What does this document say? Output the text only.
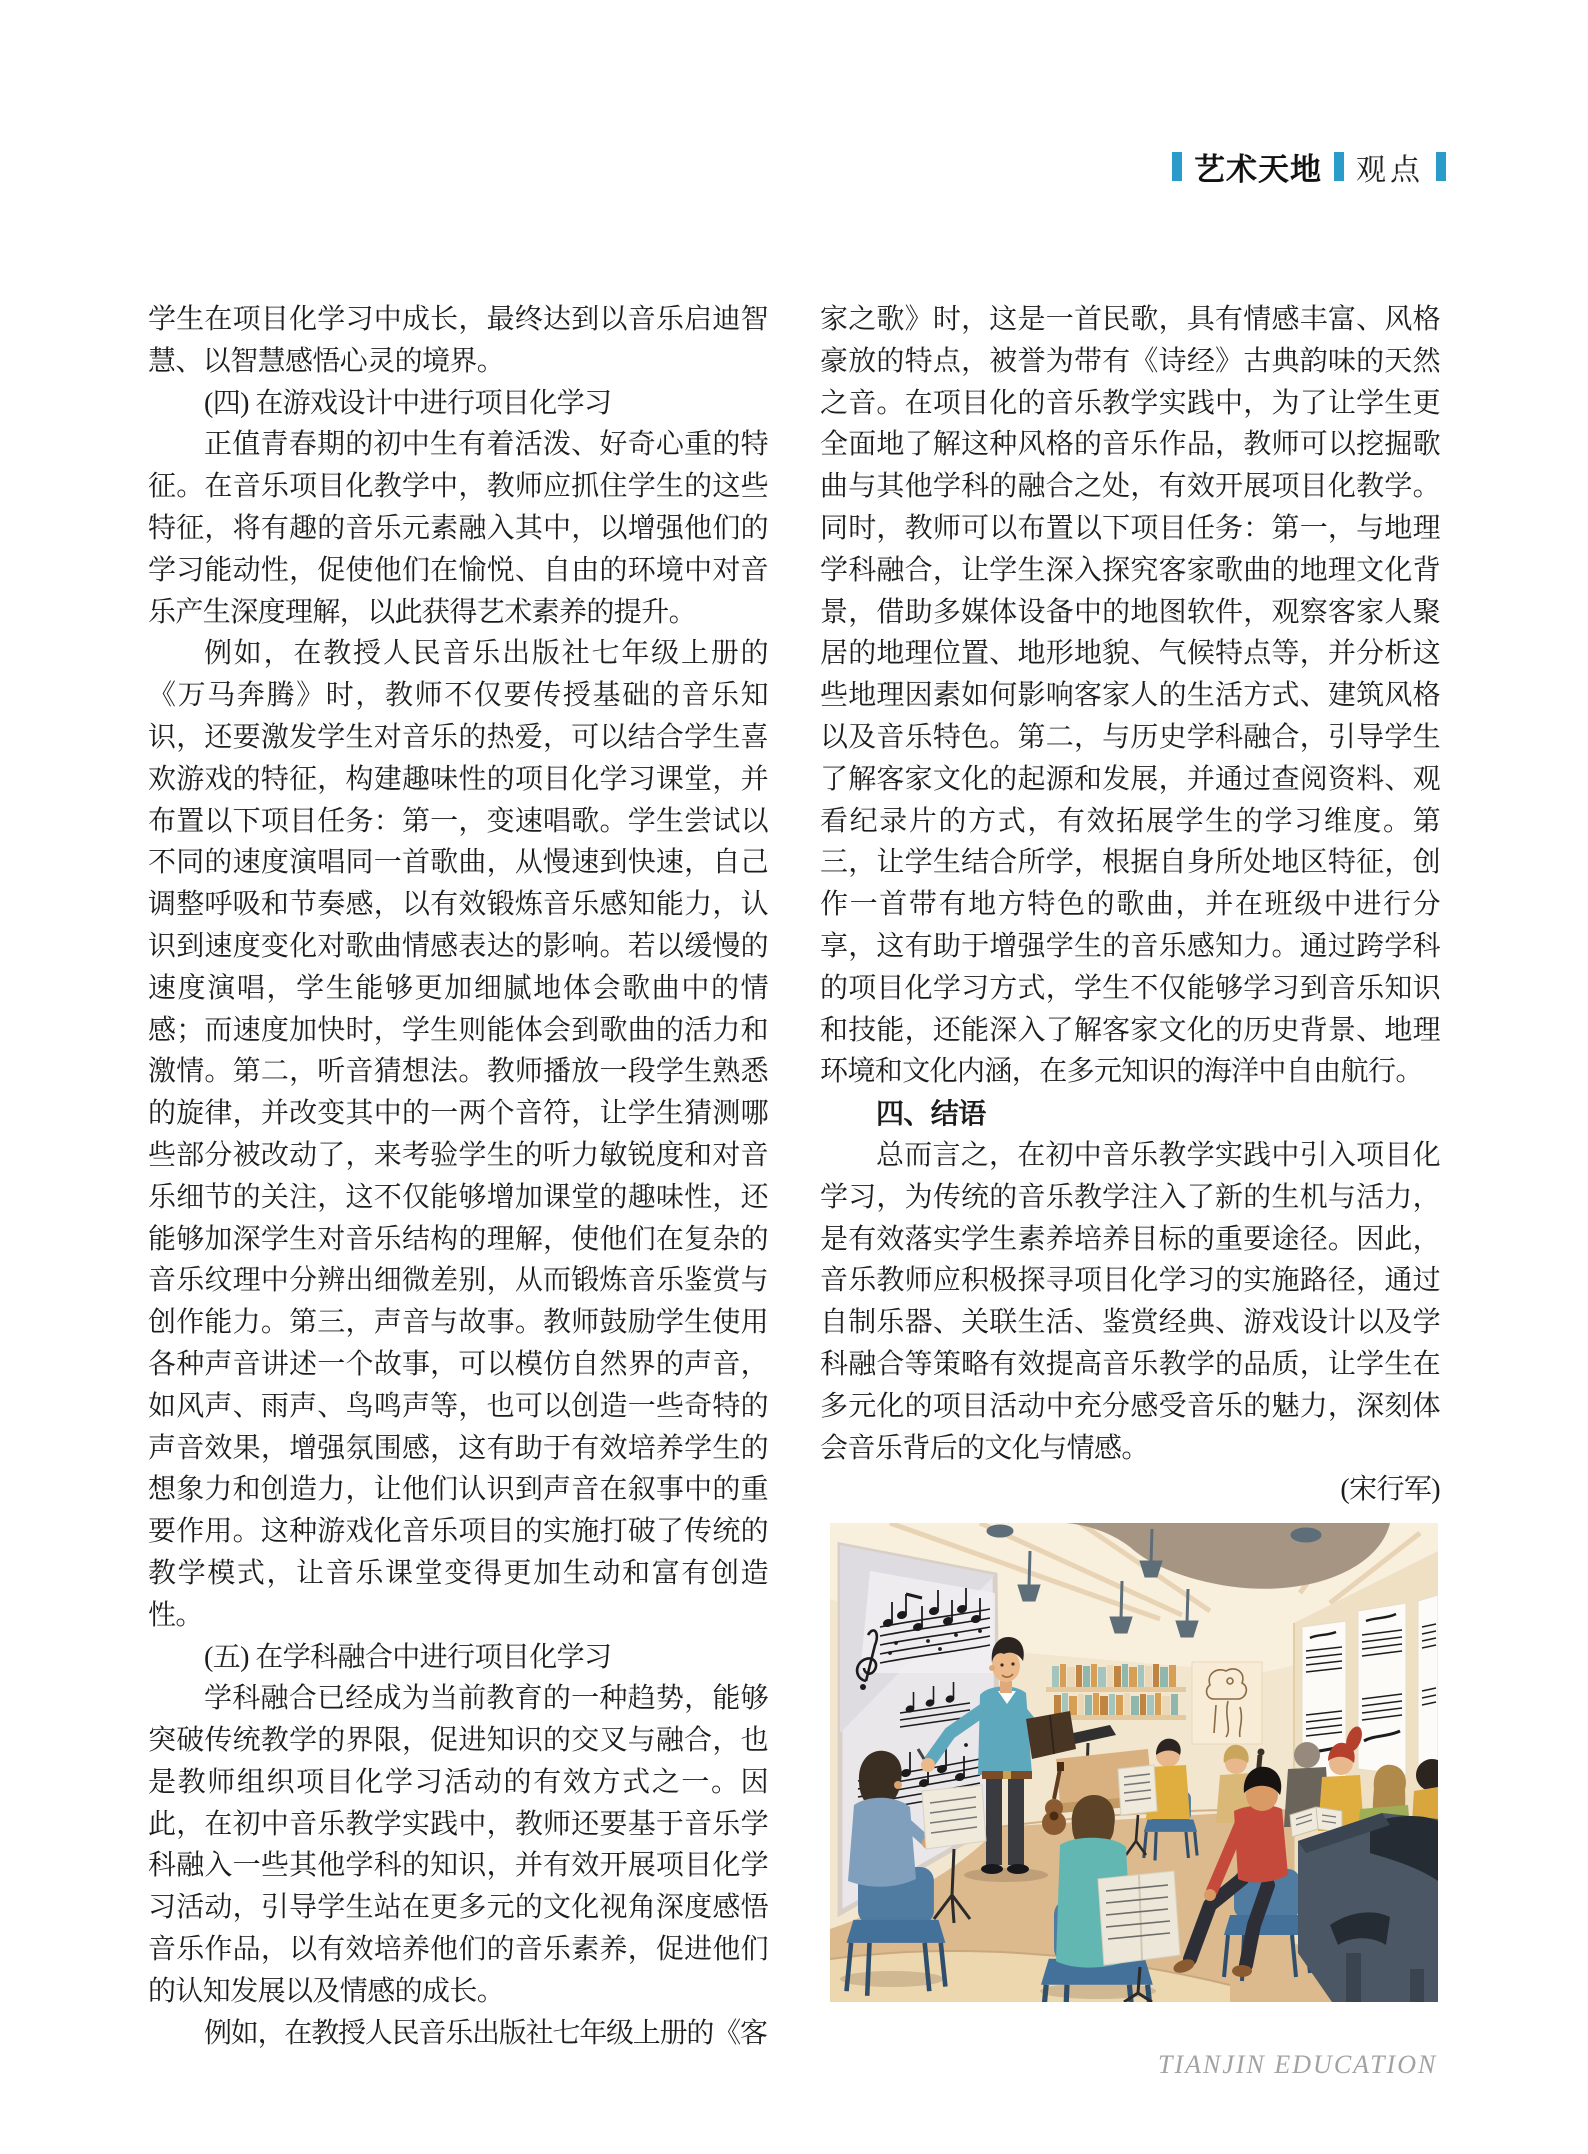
艺术天地 观点

学生在项目化学习中成长，最终达到以音乐启迪智慧、以智慧感悟心灵的境界。

(四) 在游戏设计中进行项目化学习

正值青春期的初中生有着活泼、好奇心重的特征。在音乐项目化教学中，教师应抓住学生的这些特征，将有趣的音乐元素融入其中，以增强他们的学习能动性，促使他们在愉悦、自由的环境中对音乐产生深度理解，以此获得艺术素养的提升。

例如，在教授人民音乐出版社七年级上册的《万马奔腾》时，教师不仅要传授基础的音乐知识，还要激发学生对音乐的热爱，可以结合学生喜欢游戏的特征，构建趣味性的项目化学习课堂，并布置以下项目任务：第一，变速唱歌。学生尝试以不同的速度演唱同一首歌曲，从慢速到快速，自己调整呼吸和节奏感，以有效锻炼音乐感知能力，认识到速度变化对歌曲情感表达的影响。若以缓慢的速度演唱，学生能够更加细腻地体会歌曲中的情感；而速度加快时，学生则能体会到歌曲的活力和激情。第二，听音猜想法。教师播放一段学生熟悉的旋律，并改变其中的一两个音符，让学生猜测哪些部分被改动了，来考验学生的听力敏锐度和对音乐细节的关注，这不仅能够增加课堂的趣味性，还能够加深学生对音乐结构的理解，使他们在复杂的音乐纹理中分辨出细微差别，从而锻炼音乐鉴赏与创作能力。第三，声音与故事。教师鼓励学生使用各种声音讲述一个故事，可以模仿自然界的声音，如风声、雨声、鸟鸣声等，也可以创造一些奇特的声音效果，增强氛围感，这有助于有效培养学生的想象力和创造力，让他们认识到声音在叙事中的重要作用。这种游戏化音乐项目的实施打破了传统的教学模式，让音乐课堂变得更加生动和富有创造性。

(五) 在学科融合中进行项目化学习

学科融合已经成为当前教育的一种趋势，能够突破传统教学的界限，促进知识的交叉与融合，也是教师组织项目化学习活动的有效方式之一。因此，在初中音乐教学实践中，教师还要基于音乐学科融入一些其他学科的知识，并有效开展项目化学习活动，引导学生站在更多元的文化视角深度感悟音乐作品，以有效培养他们的音乐素养，促进他们的认知发展以及情感的成长。

例如，在教授人民音乐出版社七年级上册的《客

家之歌》时，这是一首民歌，具有情感丰富、风格豪放的特点，被誉为带有《诗经》古典韵味的天然之音。在项目化的音乐教学实践中，为了让学生更全面地了解这种风格的音乐作品，教师可以挖掘歌曲与其他学科的融合之处，有效开展项目化教学。同时，教师可以布置以下项目任务：第一，与地理学科融合，让学生深入探究客家歌曲的地理文化背景，借助多媒体设备中的地图软件，观察客家人聚居的地理位置、地形地貌、气候特点等，并分析这些地理因素如何影响客家人的生活方式、建筑风格以及音乐特色。第二，与历史学科融合，引导学生了解客家文化的起源和发展，并通过查阅资料、观看纪录片的方式，有效拓展学生的学习维度。第三，让学生结合所学，根据自身所处地区特征，创作一首带有地方特色的歌曲，并在班级中进行分享，这有助于增强学生的音乐感知力。通过跨学科的项目化学习方式，学生不仅能够学习到音乐知识和技能，还能深入了解客家文化的历史背景、地理环境和文化内涵，在多元知识的海洋中自由航行。

四、结语

总而言之，在初中音乐教学实践中引入项目化学习，为传统的音乐教学注入了新的生机与活力，是有效落实学生素养培养目标的重要途径。因此，音乐教师应积极探寻项目化学习的实施路径，通过自制乐器、关联生活、鉴赏经典、游戏设计以及学科融合等策略有效提高音乐教学的品质，让学生在多元化的项目活动中充分感受音乐的魅力，深刻体会音乐背后的文化与情感。

(宋行军)

TIANJIN EDUCATION
